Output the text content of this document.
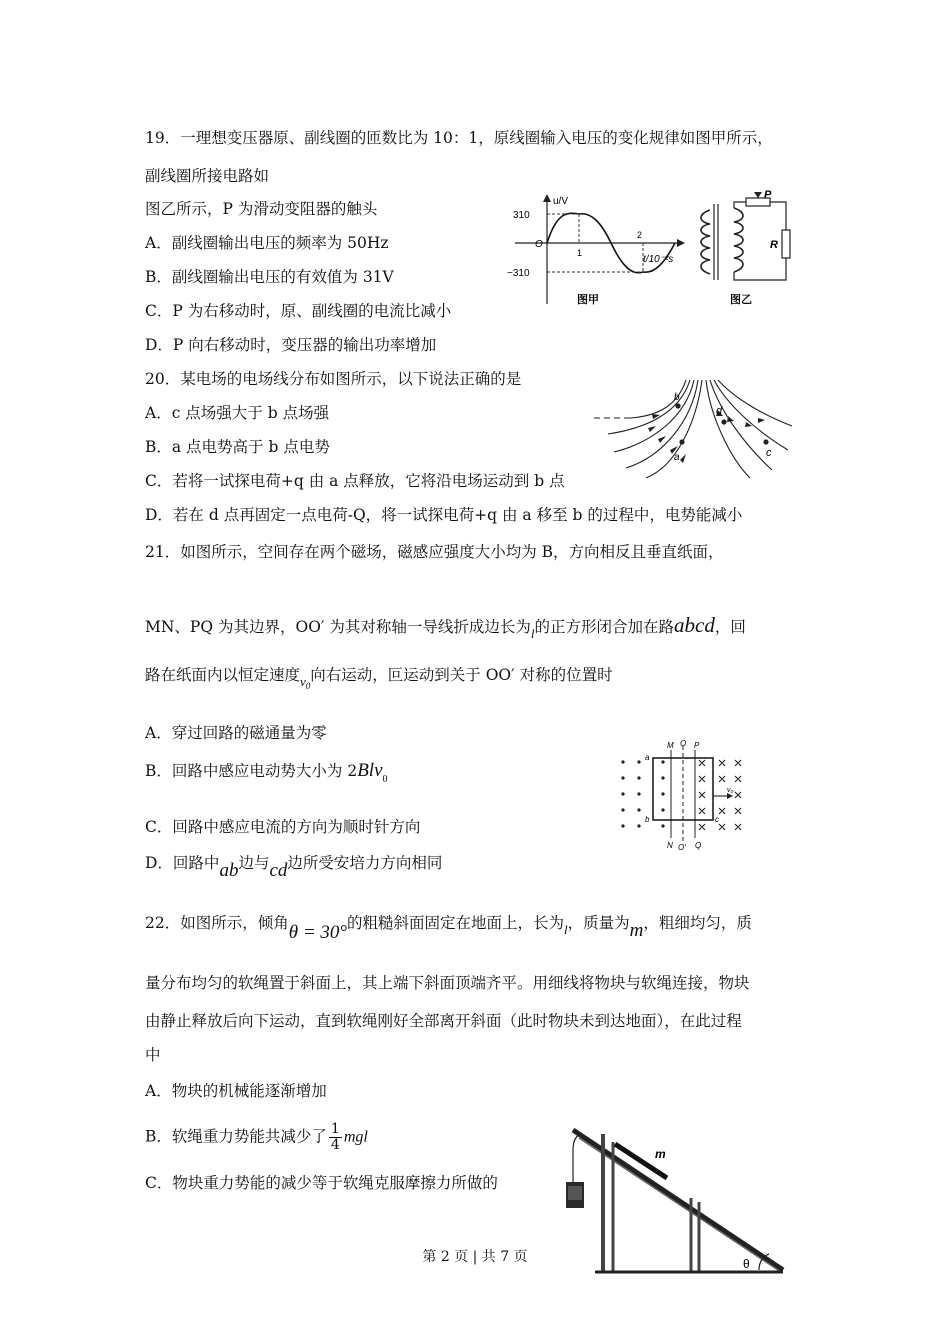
19．一理想变压器原、副线圈的匝数比为 10：1，原线圈输入电压的变化规律如图甲所示，
副线圈所接电路如
图乙所示，P 为滑动变阻器的触头
A．副线圈输出电压的频率为 50Hz
B．副线圈输出电压的有效值为 31V
C．P 为右移动时，原、副线圈的电流比减小
D．P 向右移动时，变压器的输出功率增加
u/V
310
O
−310
1
2
t/10⁻²s
图甲
P
R
图乙
20．某电场的电场线分布如图所示，以下说法正确的是
A．c 点场强大于 b 点场强
B．a 点电势高于 b 点电势
C．若将一试探电荷+q 由 a 点释放，它将沿电场运动到 b 点
D．若在 d 点再固定一点电荷-Q，将一试探电荷+q 由 a 移至 b 的过程中，电势能减小
b
a
d
c
21．如图所示，空间存在两个磁场，磁感应强度大小均为 B，方向相反且垂直纸面，
MN、PQ 为其边界，OO′ 为其对称轴一导线折成边长为$_l$的正方形闭合加在路abcd，回
路在纸面内以恒定速度$_{v0}$向右运动，叵运动到关于 OO′ 对称的位置时
A．穿过回路的磁通量为零
B．回路中感应电动势大小为 2Blv$_0$
C．回路中感应电流的方向为顺时针方向
D．回路中ab边与cd边所受安培力方向相同
M O P
a
b	c
v₀
N O′ Q
22．如图所示，倾角θ = 30°的粗糙斜面固定在地面上，长为$_l$，质量为m，粗细均匀，质
量分布均匀的软绳置于斜面上，其上端下斜面顶端齐平。用细线将物块与软绳连接，物块
由静止释放后向下运动，直到软绳刚好全部离开斜面（此时物块未到达地面），在此过程
中
A．物块的机械能逐渐增加
B．软绳重力势能共减少了 $\frac{1}{4}$ mgl
C．物块重力势能的减少等于软绳克服摩擦力所做的
m
θ
第 2 页 | 共 7 页
